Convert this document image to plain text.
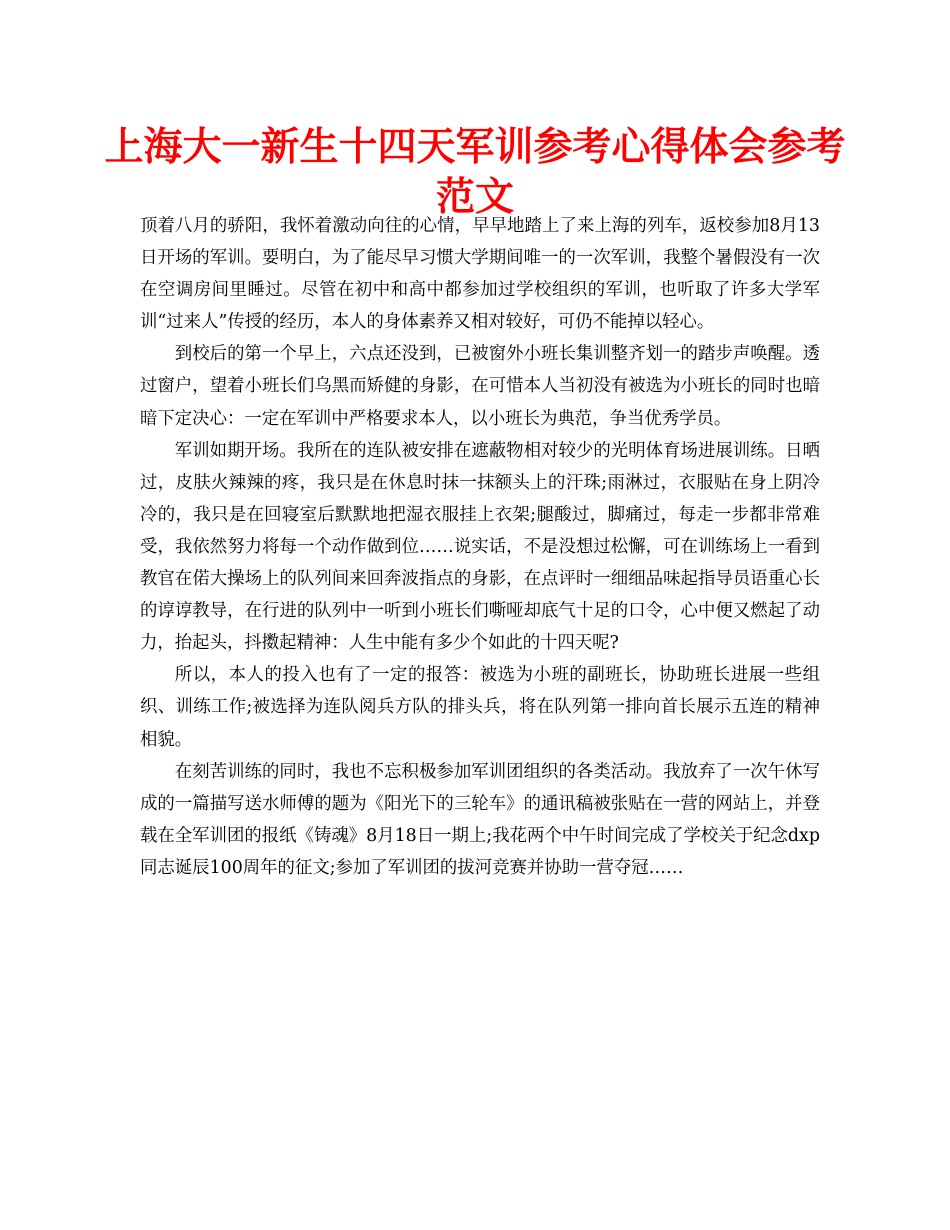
上海大一新生十四天军训参考心得体会参考范文

顶着八月的骄阳，我怀着激动向往的心情，早早地踏上了来上海的列车，返校参加8月13日开场的军训。要明白，为了能尽早习惯大学期间唯一的一次军训，我整个暑假没有一次在空调房间里睡过。尽管在初中和高中都参加过学校组织的军训，也听取了许多大学军训“过来人”传授的经历，本人的身体素养又相对较好，可仍不能掉以轻心。

到校后的第一个早上，六点还没到，已被窗外小班长集训整齐划一的踏步声唤醒。透过窗户，望着小班长们乌黑而矫健的身影，在可惜本人当初没有被选为小班长的同时也暗暗下定决心：一定在军训中严格要求本人，以小班长为典范，争当优秀学员。

军训如期开场。我所在的连队被安排在遮蔽物相对较少的光明体育场进展训练。日晒过，皮肤火辣辣的疼，我只是在休息时抹一抹额头上的汗珠;雨淋过，衣服贴在身上阴冷冷的，我只是在回寝室后默默地把湿衣服挂上衣架;腿酸过，脚痛过，每走一步都非常难受，我依然努力将每一个动作做到位……说实话，不是没想过松懈，可在训练场上一看到教官在偌大操场上的队列间来回奔波指点的身影，在点评时一细细品味起指导员语重心长的谆谆教导，在行进的队列中一听到小班长们嘶哑却底气十足的口令，心中便又燃起了动力，抬起头，抖擞起精神：人生中能有多少个如此的十四天呢?

所以，本人的投入也有了一定的报答：被选为小班的副班长，协助班长进展一些组织、训练工作;被选择为连队阅兵方队的排头兵，将在队列第一排向首长展示五连的精神相貌。

在刻苦训练的同时，我也不忘积极参加军训团组织的各类活动。我放弃了一次午休写成的一篇描写送水师傅的题为《阳光下的三轮车》的通讯稿被张贴在一营的网站上，并登载在全军训团的报纸《铸魂》8月18日一期上;我花两个中午时间完成了学校关于纪念dxp同志诞辰100周年的征文;参加了军训团的拔河竞赛并协助一营夺冠……
